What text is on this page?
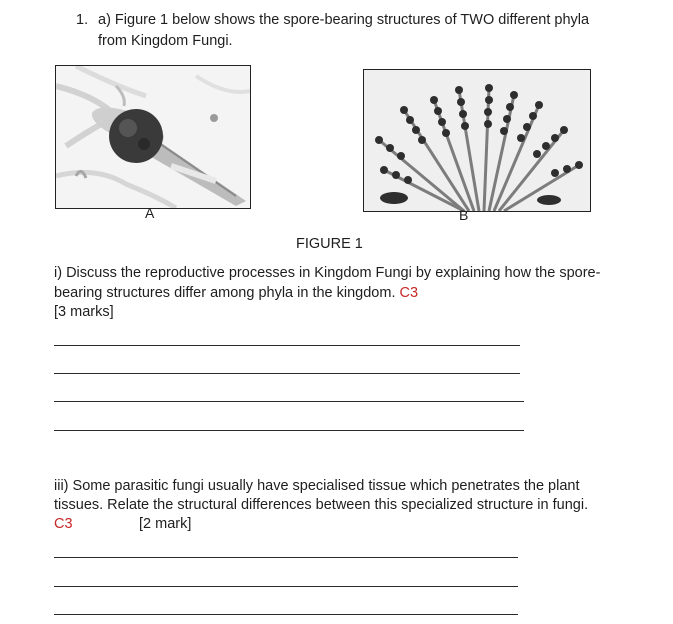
1. a) Figure 1 below shows the spore-bearing structures of TWO different phyla
from Kingdom Fungi.
A	B
FIGURE 1
i) Discuss the reproductive processes in Kingdom Fungi by explaining how the spore-
bearing structures differ among phyla in the kingdom. C3
[3 marks]
iii) Some parasitic fungi usually have specialised tissue which penetrates the plant
tissues. Relate the structural differences between this specialized structure in fungi.
C3	[2 mark]
